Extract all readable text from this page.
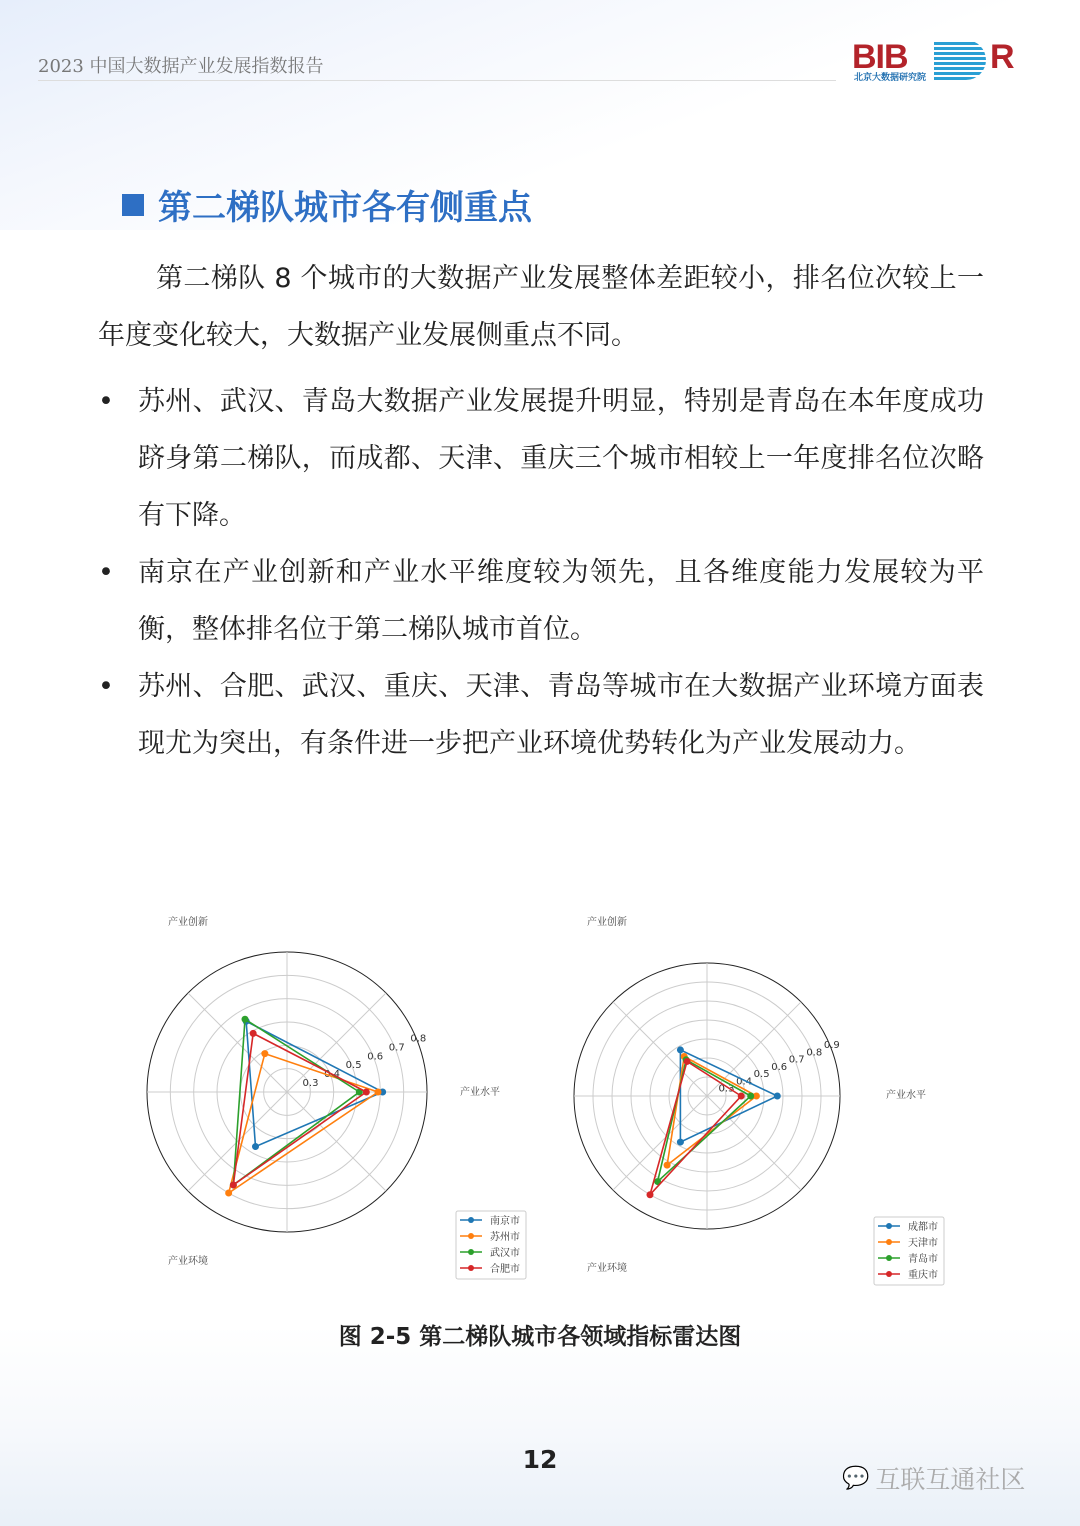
2023 中国大数据产业发展指数报告	BIB R
北京大数据研究院
第二梯队城市各有侧重点
第二梯队 8 个城市的大数据产业发展整体差距较小，排名位次较上一年度变化较大，大数据产业发展侧重点不同。
• 苏州、武汉、青岛大数据产业发展提升明显，特别是青岛在本年度成功跻身第二梯队，而成都、天津、重庆三个城市相较上一年度排名位次略有下降。
• 南京在产业创新和产业水平维度较为领先，且各维度能力发展较为平衡，整体排名位于第二梯队城市首位。
• 苏州、合肥、武汉、重庆、天津、青岛等城市在大数据产业环境方面表现尤为突出，有条件进一步把产业环境优势转化为产业发展动力。
0.3
0.4
0.5
0.6
0.7
0.8
产业水平
产业创新
产业环境
南京市
苏州市
武汉市
合肥市
0.3
0.4
0.5
0.6
0.7
0.8
0.9
产业水平
产业创新
产业环境
成都市
天津市
青岛市
重庆市
图 2-5 第二梯队城市各领域指标雷达图
12
💬 互联互通社区
